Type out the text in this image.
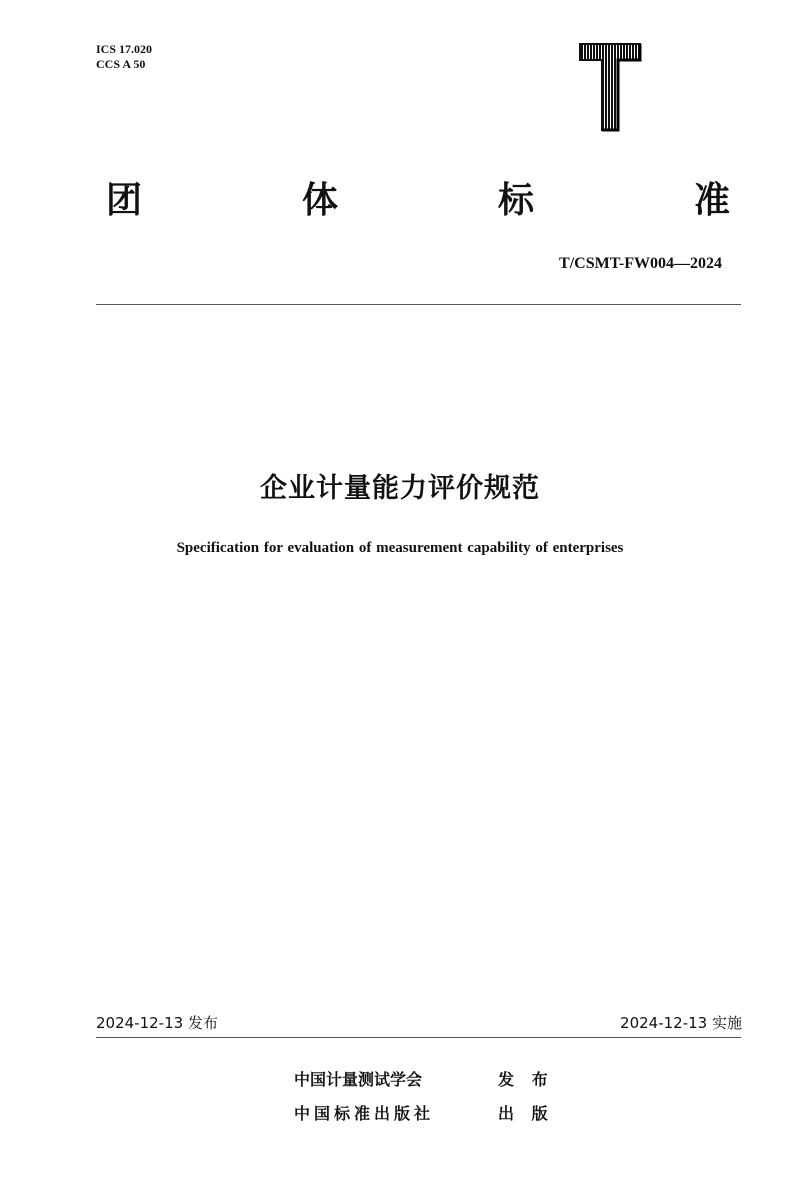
ICS 17.020
CCS A 50
团	体	标	准
T/CSMT-FW004—2024
企业计量能力评价规范
Specification for evaluation of measurement capability of enterprises
2024-12-13 发布	2024-12-13 实施
中国计量测试学会	发 布
中国标准出版社	出 版
